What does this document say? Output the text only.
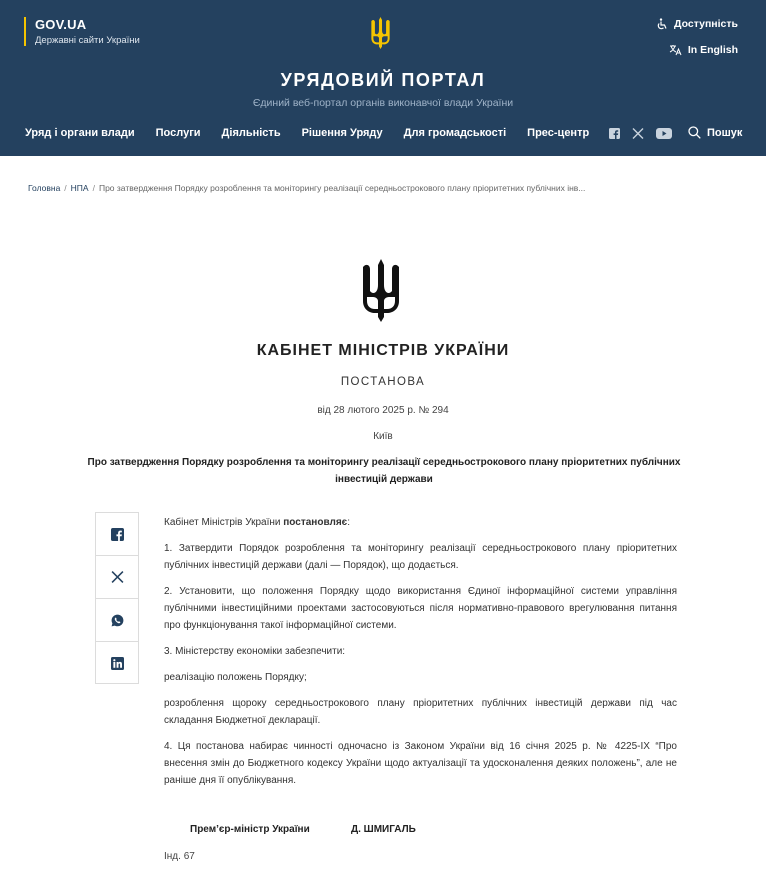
GOV.UA
Державні сайти України
Доступність
In English
УРЯДОВИЙ ПОРТАЛ
Єдиний веб-портал органів виконавчої влади України
Уряд і органи влади Послуги Діяльність Рішення Уряду Для громадськості Прес-центр	Пошук
Головна / НПА / Про затвердження Порядку розроблення та моніторингу реалізації середньострокового плану пріоритетних публічних інв...
КАБІНЕТ МІНІСТРІВ УКРАЇНИ
ПОСТАНОВА
від 28 лютого 2025 р. № 294
Київ
Про затвердження Порядку розроблення та моніторингу реалізації середньострокового плану пріоритетних публічних інвестицій держави

Кабінет Міністрів України постановляє:

1. Затвердити Порядок розроблення та моніторингу реалізації середньострокового плану пріоритетних публічних інвестицій держави (далі — Порядок), що додається.

2. Установити, що положення Порядку щодо використання Єдиної інформаційної системи управління публічними інвестиційними проектами застосовуються після нормативно-правового врегулювання питання про функціонування такої інформаційної системи.

3. Міністерству економіки забезпечити:

реалізацію положень Порядку;

розроблення щороку середньострокового плану пріоритетних публічних інвестицій держави під час складання Бюджетної декларації.

4. Ця постанова набирає чинності одночасно із Законом України від 16 січня 2025 р. № 4225-IX “Про внесення змін до Бюджетного кодексу України щодо актуалізації та удосконалення деяких положень”, але не раніше дня її опублікування.

Прем’єр-міністр України	Д. ШМИГАЛЬ
Інд. 67
